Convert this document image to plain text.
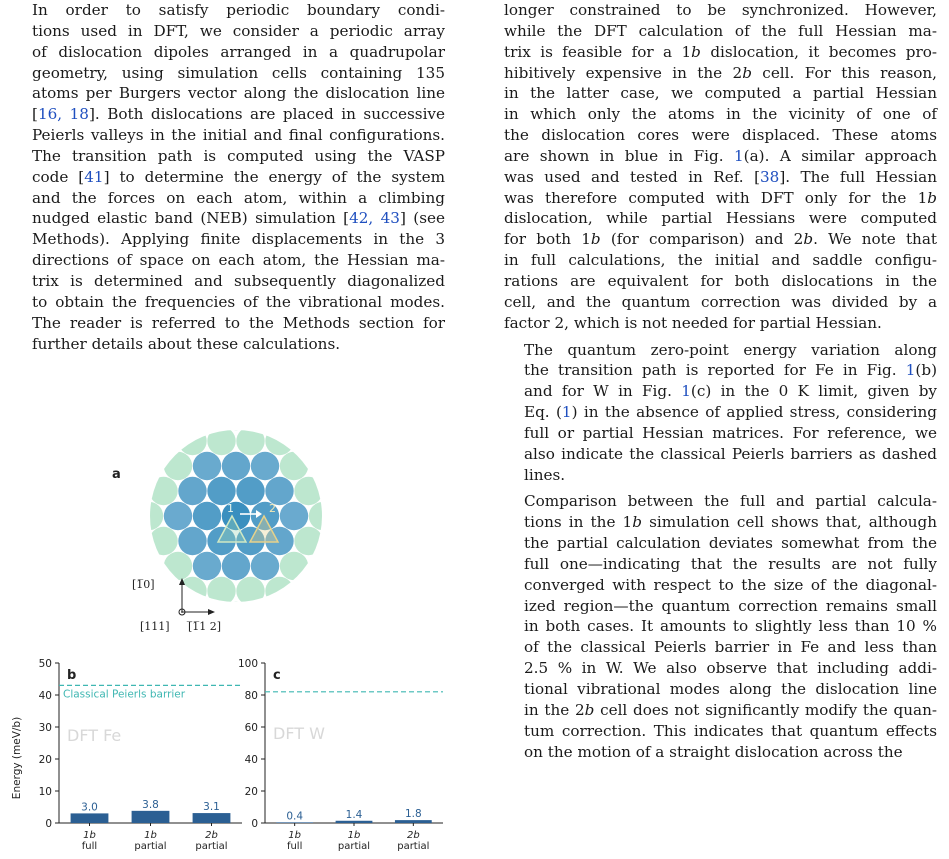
In order to satisfy periodic boundary condi-
tions used in DFT, we consider a periodic array
of dislocation dipoles arranged in a quadrupolar
geometry, using simulation cells containing 135
atoms per Burgers vector along the dislocation line
[16, 18]. Both dislocations are placed in successive
Peierls valleys in the initial and final configurations.
The transition path is computed using the VASP
code [41] to determine the energy of the system
and the forces on each atom, within a climbing
nudged elastic band (NEB) simulation [42, 43] (see
Methods). Applying finite displacements in the 3
directions of space on each atom, the Hessian ma-
trix is determined and subsequently diagonalized
to obtain the frequencies of the vibrational modes.
The reader is referred to the Methods section for
further details about these calculations.

longer constrained to be synchronized. However,
while the DFT calculation of the full Hessian ma-
trix is feasible for a 1b dislocation, it becomes pro-
hibitively expensive in the 2b cell. For this reason,
in the latter case, we computed a partial Hessian
in which only the atoms in the vicinity of one of
the dislocation cores were displaced. These atoms
are shown in blue in Fig. 1(a). A similar approach
was used and tested in Ref. [38]. The full Hessian
was therefore computed with DFT only for the 1b
dislocation, while partial Hessians were computed
for both 1b (for comparison) and 2b. We note that
in full calculations, the initial and saddle configu-
rations are equivalent for both dislocations in the
cell, and the quantum correction was divided by a
factor 2, which is not needed for partial Hessian.

The quantum zero-point energy variation along
the transition path is reported for Fe in Fig. 1(b)
and for W in Fig. 1(c) in the 0 K limit, given by
Eq. (1) in the absence of applied stress, considering
full or partial Hessian matrices. For reference, we
also indicate the classical Peierls barriers as dashed
lines.

Comparison between the full and partial calcula-
tions in the 1b simulation cell shows that, although
the partial calculation deviates somewhat from the
full one—indicating that the results are not fully
converged with respect to the size of the diagonal-
ized region—the quantum correction remains small
in both cases. It amounts to slightly less than 10 %
of the classical Peierls barrier in Fe and less than
2.5 % in W. We also observe that including addi-
tional vibrational modes along the dislocation line
in the 2b cell does not significantly modify the quan-
tum correction. This indicates that quantum effects
on the motion of a straight dislocation across the

a
1	2
[1̅0]
[111] [̅1̅1 2]
Energy (meV/b)
0
10
20
30
40
50
Classical Peierls barrier
b
DFT Fe
3.0
1b
full
3.8
1b
partial
3.1
2b
partial
0
20
40
60
80
100
c
DFT W
0.4
1b
full
1.4
1b
partial
1.8
2b
partial
